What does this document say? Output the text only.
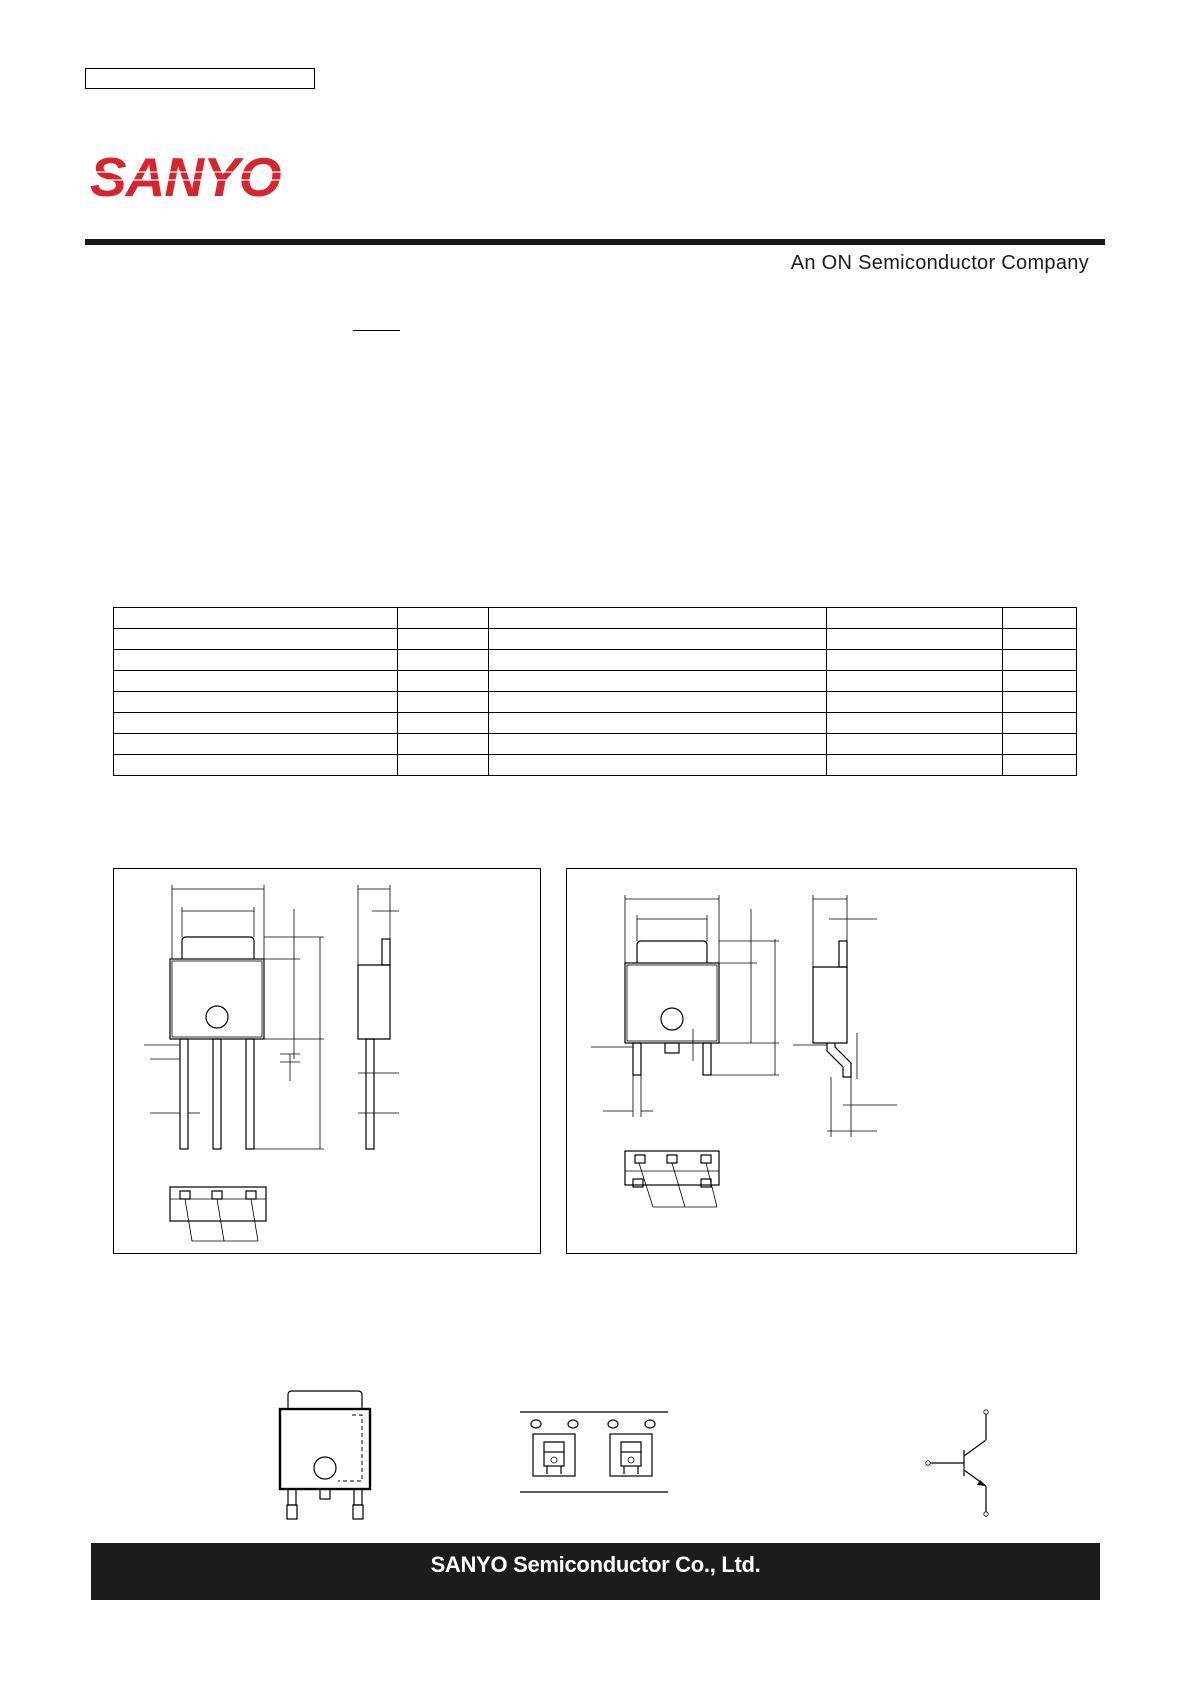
SANYO
An ON Semiconductor Company

SANYO Semiconductor Co., Ltd.
